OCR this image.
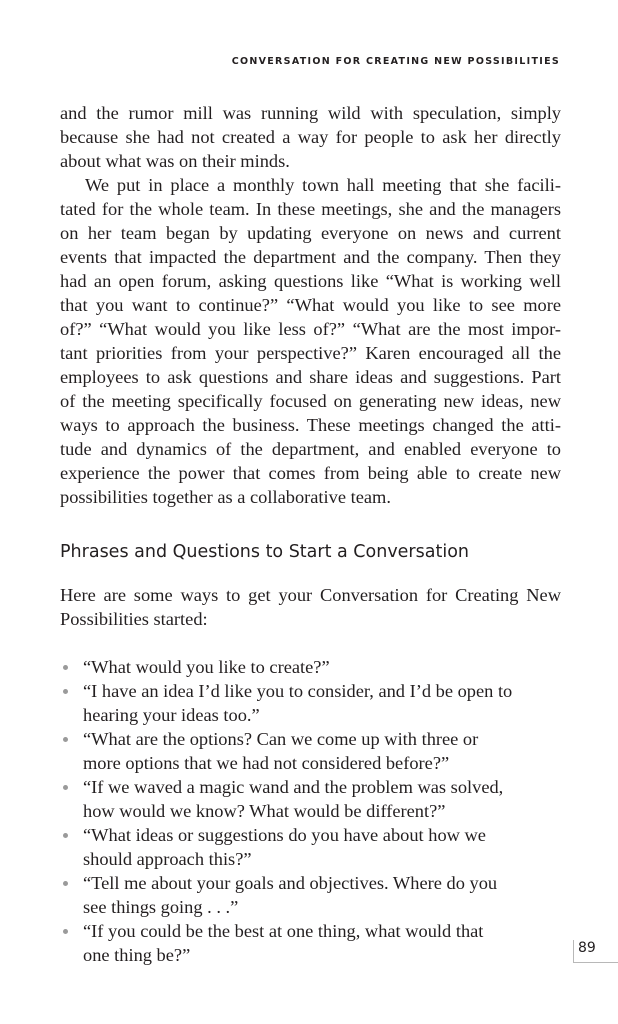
CONVERSATION FOR CREATING NEW POSSIBILITIES
and the rumor mill was running wild with speculation, simply
because she had not created a way for people to ask her directly
about what was on their minds.
We put in place a monthly town hall meeting that she facili-
tated for the whole team. In these meetings, she and the managers
on her team began by updating everyone on news and current
events that impacted the department and the company. Then they
had an open forum, asking questions like “What is working well
that you want to continue?” “What would you like to see more
of?” “What would you like less of?” “What are the most impor-
tant priorities from your perspective?” Karen encouraged all the
employees to ask questions and share ideas and suggestions. Part
of the meeting specifically focused on generating new ideas, new
ways to approach the business. These meetings changed the atti-
tude and dynamics of the department, and enabled everyone to
experience the power that comes from being able to create new
possibilities together as a collaborative team.
Phrases and Questions to Start a Conversation
Here are some ways to get your Conversation for Creating New
Possibilities started:
“What would you like to create?”
“I have an idea I’d like you to consider, and I’d be open to
hearing your ideas too.”
“What are the options? Can we come up with three or
more options that we had not considered before?”
“If we waved a magic wand and the problem was solved,
how would we know? What would be different?”
“What ideas or suggestions do you have about how we
should approach this?”
“Tell me about your goals and objectives. Where do you
see things going . . .”
“If you could be the best at one thing, what would that
one thing be?”	89
